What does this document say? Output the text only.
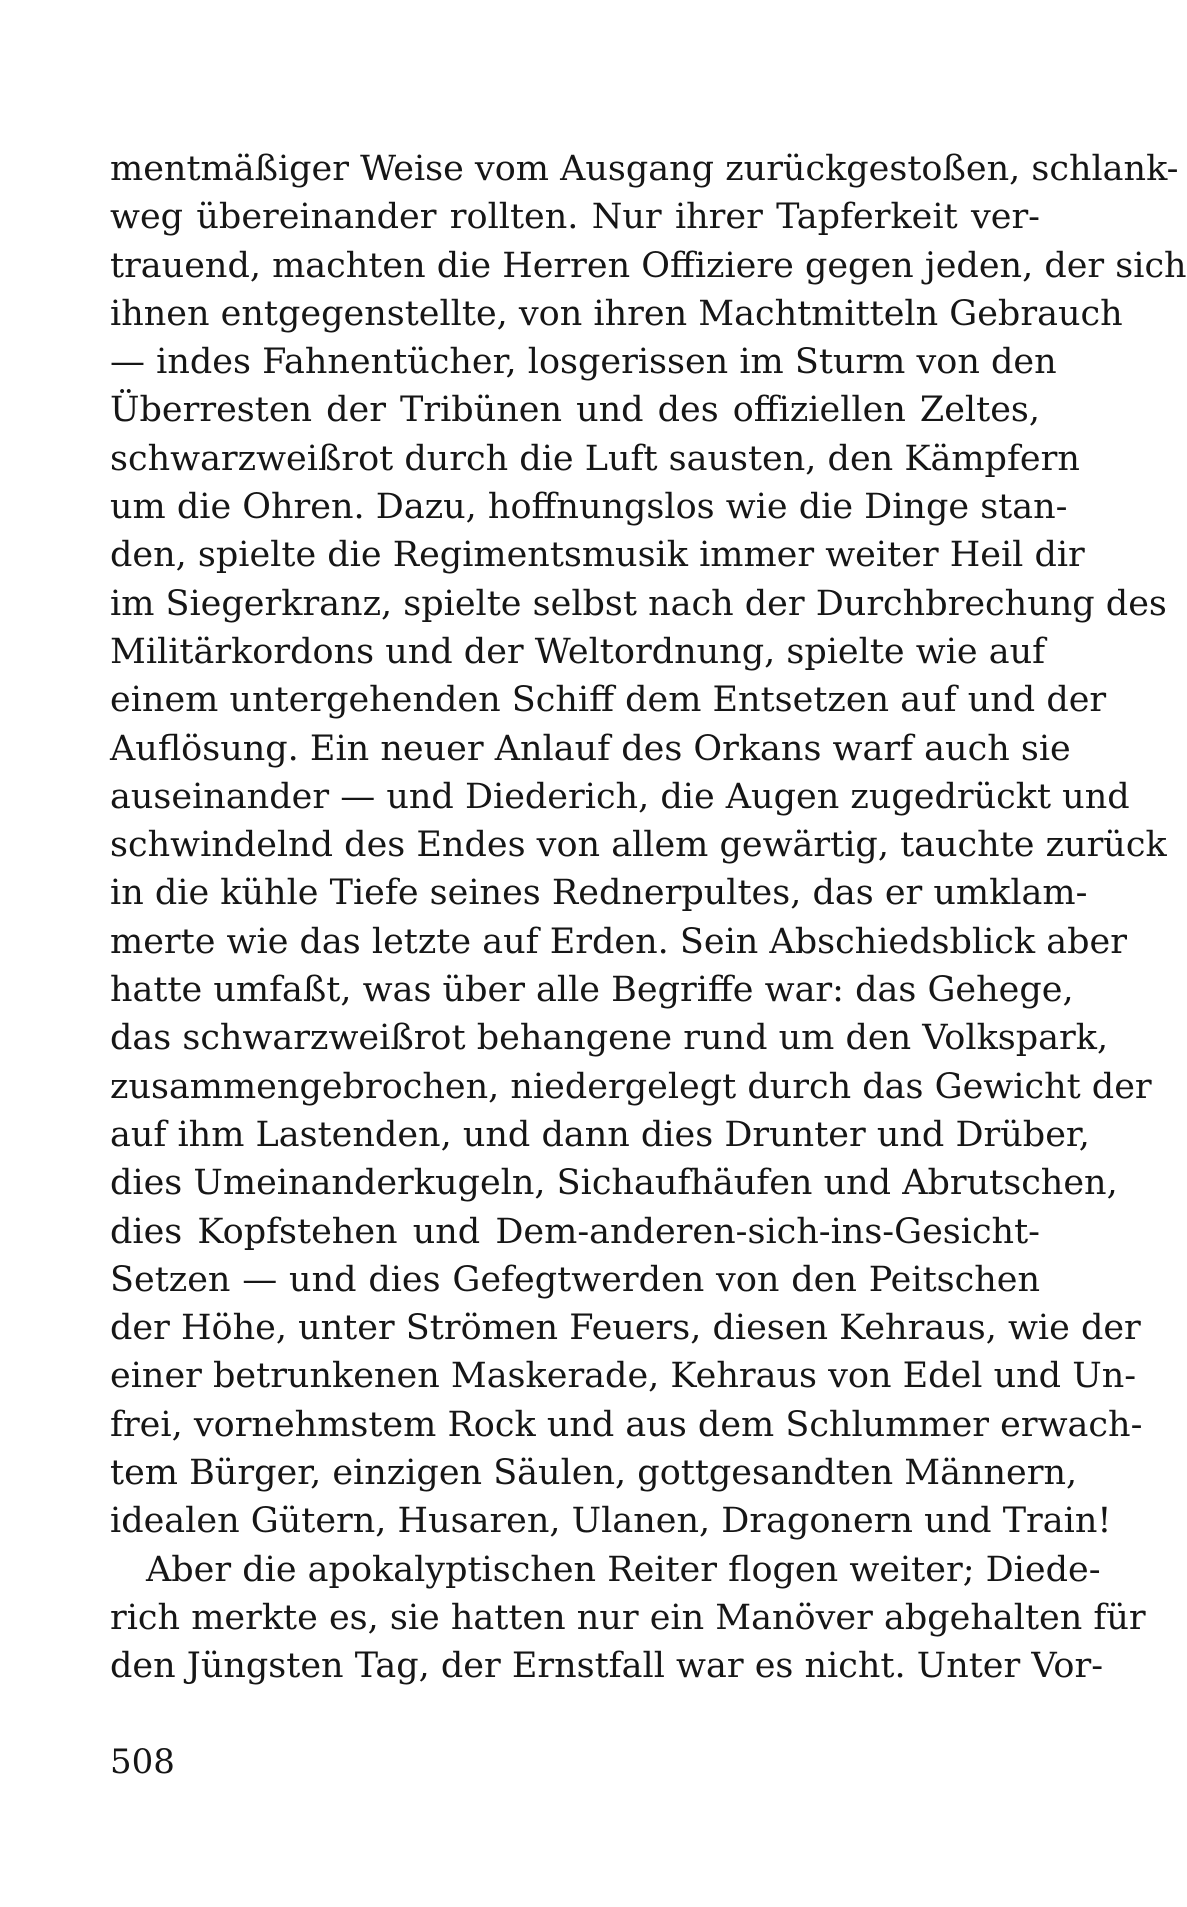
mentmäßiger Weise vom Ausgang zurückgestoßen, schlank-
weg übereinander rollten. Nur ihrer Tapferkeit ver-
trauend, machten die Herren Offiziere gegen jeden, der sich
ihnen entgegenstellte, von ihren Machtmitteln Gebrauch
— indes Fahnentücher, losgerissen im Sturm von den
Überresten der Tribünen und des offiziellen Zeltes,
schwarzweißrot durch die Luft sausten, den Kämpfern
um die Ohren. Dazu, hoffnungslos wie die Dinge stan-
den, spielte die Regimentsmusik immer weiter Heil dir
im Siegerkranz, spielte selbst nach der Durchbrechung des
Militärkordons und der Weltordnung, spielte wie auf
einem untergehenden Schiff dem Entsetzen auf und der
Auflösung. Ein neuer Anlauf des Orkans warf auch sie
auseinander — und Diederich, die Augen zugedrückt und
schwindelnd des Endes von allem gewärtig, tauchte zurück
in die kühle Tiefe seines Rednerpultes, das er umklam-
merte wie das letzte auf Erden. Sein Abschiedsblick aber
hatte umfaßt, was über alle Begriffe war: das Gehege,
das schwarzweißrot behangene rund um den Volkspark,
zusammengebrochen, niedergelegt durch das Gewicht der
auf ihm Lastenden, und dann dies Drunter und Drüber,
dies Umeinanderkugeln, Sichaufhäufen und Abrutschen,
dies Kopfstehen und Dem-anderen-sich-ins-Gesicht-
Setzen — und dies Gefegtwerden von den Peitschen
der Höhe, unter Strömen Feuers, diesen Kehraus, wie der
einer betrunkenen Maskerade, Kehraus von Edel und Un-
frei, vornehmstem Rock und aus dem Schlummer erwach-
tem Bürger, einzigen Säulen, gottgesandten Männern,
idealen Gütern, Husaren, Ulanen, Dragonern und Train!
Aber die apokalyptischen Reiter flogen weiter; Diede-
rich merkte es, sie hatten nur ein Manöver abgehalten für
den Jüngsten Tag, der Ernstfall war es nicht. Unter Vor-
508
